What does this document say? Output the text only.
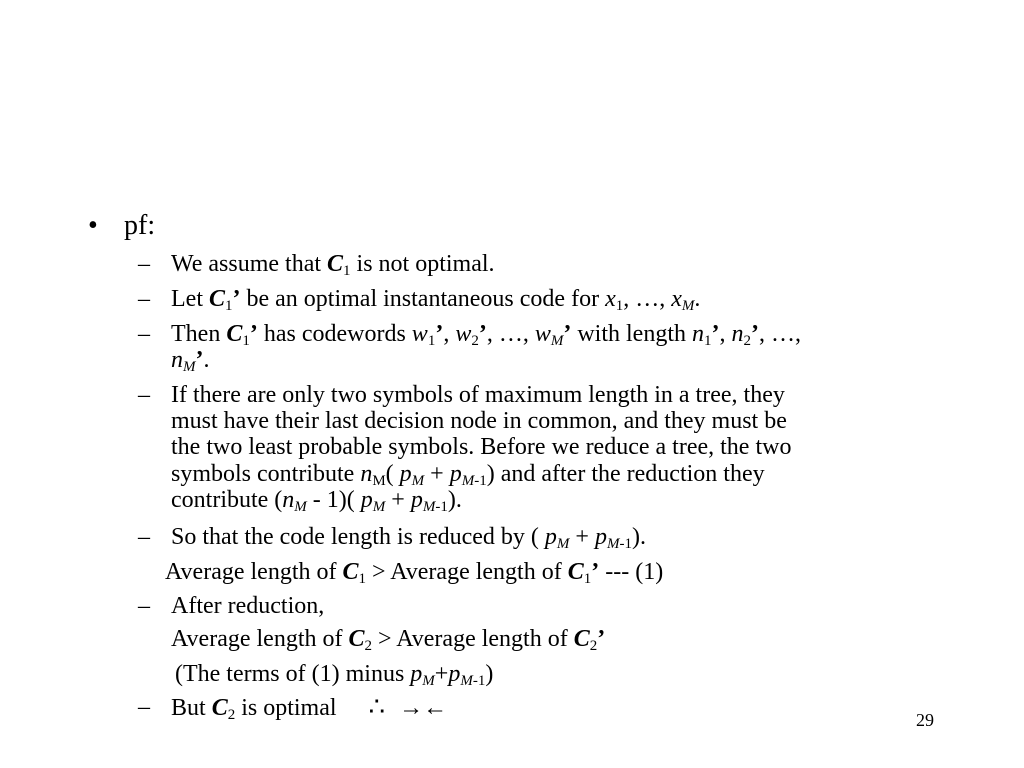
• pf:
– We assume that $C_1$ is not optimal.
– Let $C_1$’ be an optimal instantaneous code for $x_1$, …, $x_M$.
– Then $C_1$’ has codewords $w_1$’, $w_2$’, …, $w_M$’ with length $n_1$’, $n_2$’, …,
$n_M$’.
– If there are only two symbols of maximum length in a tree, they
must have their last decision node in common, and they must be
the two least probable symbols. Before we reduce a tree, the two
symbols contribute $n_M$( $p_M + p_{M-1}$) and after the reduction they
contribute $(n_M - 1)$( $p_M + p_{M-1}$).
– So that the code length is reduced by ( $p_M + p_{M-1}$).
Average length of $C_1$ > Average length of $C_1$’ --- (1)
– After reduction,
Average length of $C_2$ > Average length of $C_2$’
(The terms of (1) minus $p_M+p_{M-1}$)
– But $C_2$ is optimal ∴ →←	29
